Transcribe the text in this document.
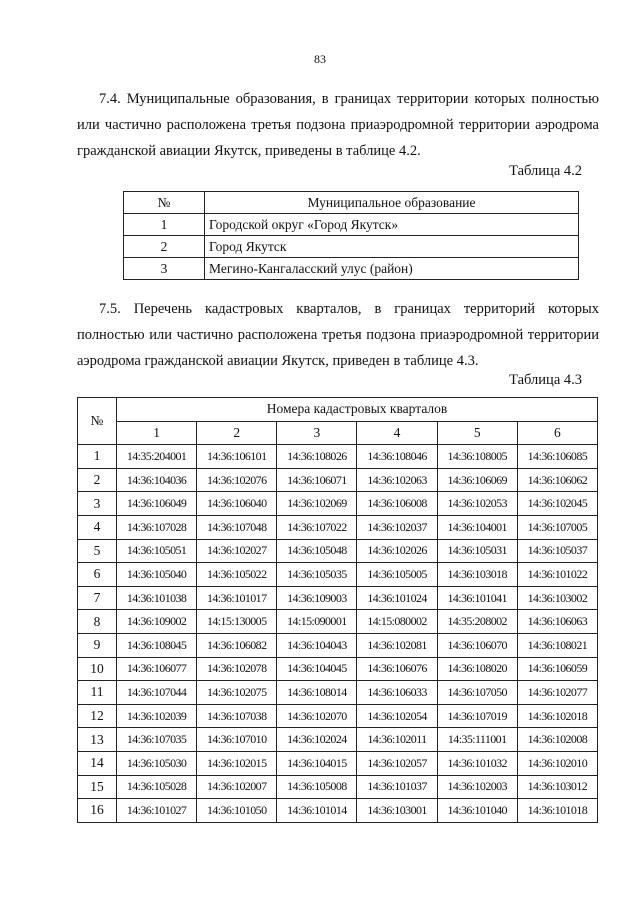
83
7.4. Муниципальные образования, в границах территории которых полностью или частично расположена третья подзона приаэродромной территории аэродрома гражданской авиации Якутск, приведены в таблице 4.2.
Таблица 4.2
№	Муниципальное образование
1	Городской округ «Город Якутск»
2	Город Якутск
3	Мегино-Кангаласский улус (район)
7.5. Перечень кадастровых кварталов, в границах территорий которых полностью или частично расположена третья подзона приаэродромной территории аэродрома гражданской авиации Якутск, приведен в таблице 4.3.
Таблица 4.3
№	Номера кадастровых кварталов					
	1	2	3	4	5	6
1	14:35:204001	14:36:106101	14:36:108026	14:36:108046	14:36:108005	14:36:106085
2	14:36:104036	14:36:102076	14:36:106071	14:36:102063	14:36:106069	14:36:106062
3	14:36:106049	14:36:106040	14:36:102069	14:36:106008	14:36:102053	14:36:102045
4	14:36:107028	14:36:107048	14:36:107022	14:36:102037	14:36:104001	14:36:107005
5	14:36:105051	14:36:102027	14:36:105048	14:36:102026	14:36:105031	14:36:105037
6	14:36:105040	14:36:105022	14:36:105035	14:36:105005	14:36:103018	14:36:101022
7	14:36:101038	14:36:101017	14:36:109003	14:36:101024	14:36:101041	14:36:103002
8	14:36:109002	14:15:130005	14:15:090001	14:15:080002	14:35:208002	14:36:106063
9	14:36:108045	14:36:106082	14:36:104043	14:36:102081	14:36:106070	14:36:108021
10	14:36:106077	14:36:102078	14:36:104045	14:36:106076	14:36:108020	14:36:106059
11	14:36:107044	14:36:102075	14:36:108014	14:36:106033	14:36:107050	14:36:102077
12	14:36:102039	14:36:107038	14:36:102070	14:36:102054	14:36:107019	14:36:102018
13	14:36:107035	14:36:107010	14:36:102024	14:36:102011	14:35:111001	14:36:102008
14	14:36:105030	14:36:102015	14:36:104015	14:36:102057	14:36:101032	14:36:102010
15	14:36:105028	14:36:102007	14:36:105008	14:36:101037	14:36:102003	14:36:103012
16	14:36:101027	14:36:101050	14:36:101014	14:36:103001	14:36:101040	14:36:101018
